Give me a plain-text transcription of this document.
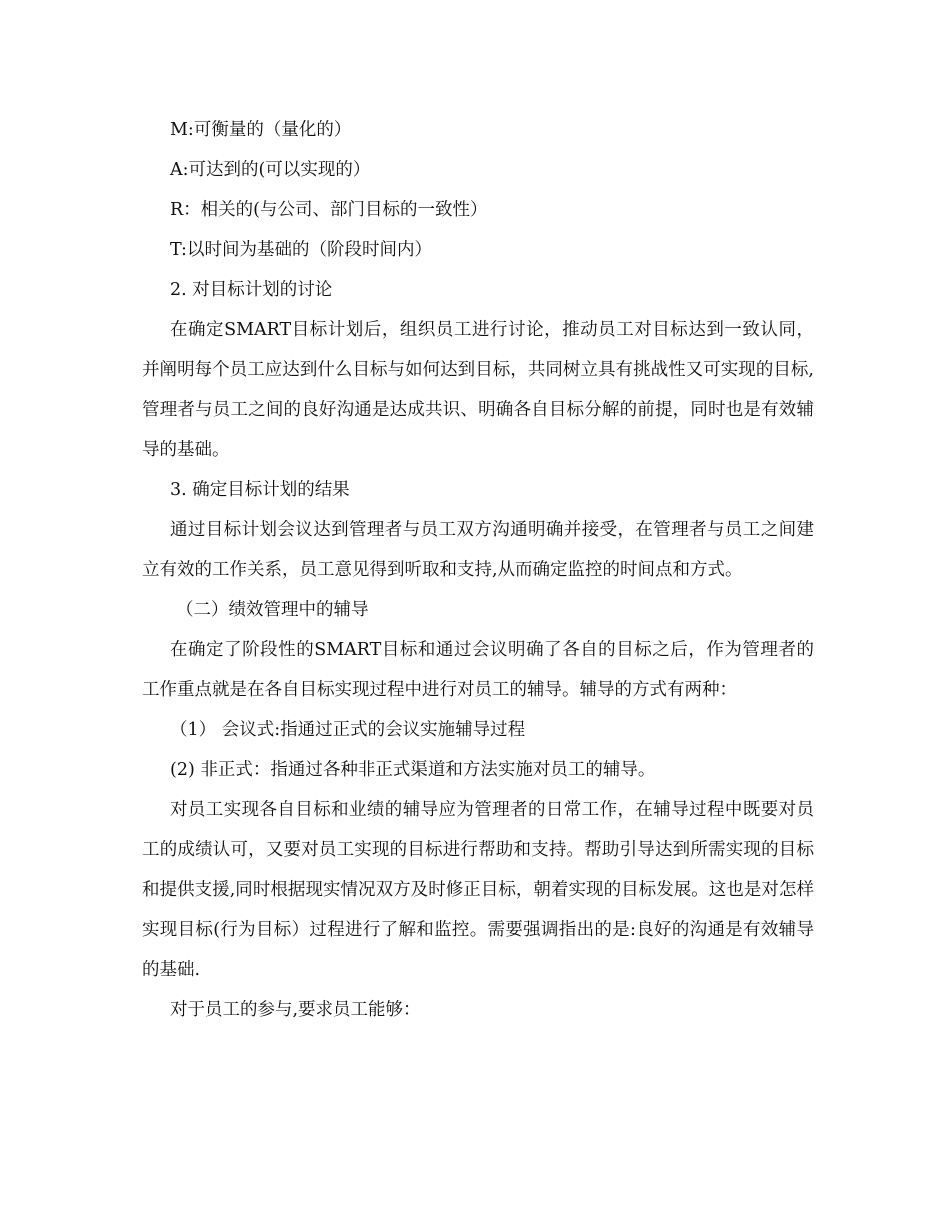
M:可衡量的（量化的）
A:可达到的(可以实现的）
R：相关的(与公司、部门目标的一致性）
T:以时间为基础的（阶段时间内）
2. 对目标计划的讨论
在确定SMART目标计划后，组织员工进行讨论，推动员工对目标达到一致认同，并阐明每个员工应达到什么目标与如何达到目标，共同树立具有挑战性又可实现的目标,管理者与员工之间的良好沟通是达成共识、明确各自目标分解的前提，同时也是有效辅导的基础。
3. 确定目标计划的结果
通过目标计划会议达到管理者与员工双方沟通明确并接受，在管理者与员工之间建立有效的工作关系，员工意见得到听取和支持,从而确定监控的时间点和方式。
（二）绩效管理中的辅导
在确定了阶段性的SMART目标和通过会议明确了各自的目标之后，作为管理者的工作重点就是在各自目标实现过程中进行对员工的辅导。辅导的方式有两种：
（1） 会议式:指通过正式的会议实施辅导过程
(2) 非正式：指通过各种非正式渠道和方法实施对员工的辅导。
对员工实现各自目标和业绩的辅导应为管理者的日常工作，在辅导过程中既要对员工的成绩认可，又要对员工实现的目标进行帮助和支持。帮助引导达到所需实现的目标和提供支援,同时根据现实情况双方及时修正目标，朝着实现的目标发展。这也是对怎样实现目标(行为目标）过程进行了解和监控。需要强调指出的是:良好的沟通是有效辅导的基础.
对于员工的参与,要求员工能够：
